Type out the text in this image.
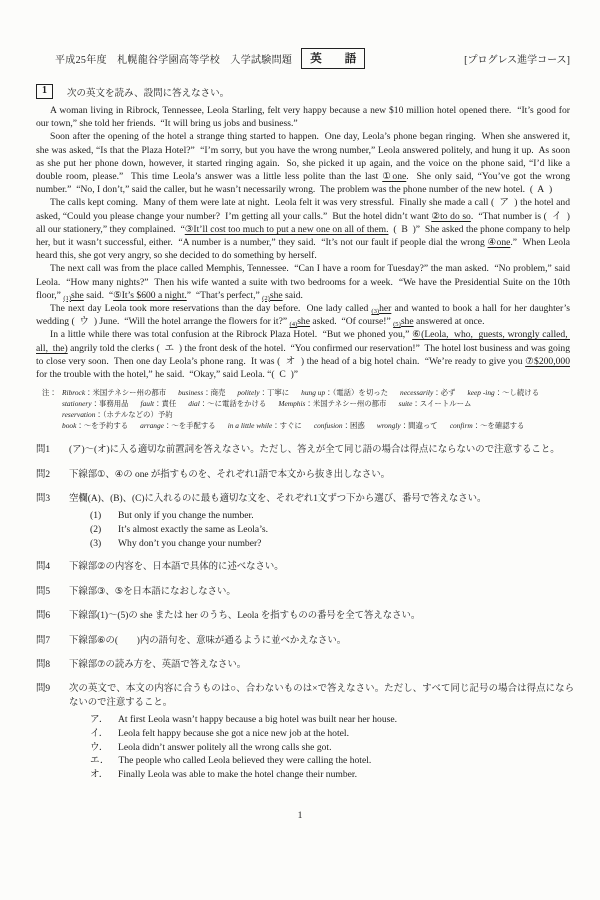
平成25年度　札幌龍谷学園高等学校　入学試験問題	英　　語	[プログレス進学コース]
1	次の英文を読み、設問に答えなさい。

A woman living in Ribrock, Tennessee, Leola Starling, felt very happy because a new $10 million hotel opened there.  “It’s good for our town,” she told her friends.  “It will bring us jobs and business.”

Soon after the opening of the hotel a strange thing started to happen.  One day, Leola’s phone began ringing.  When she answered it, she was asked, “Is that the Plaza Hotel?”  “I’m sorry, but you have the wrong number,” Leola answered politely, and hung it up.  As soon as she put her phone down, however, it started ringing again.  So, she picked it up again, and the voice on the phone said, “I’d like a double room, please.”  This time Leola’s answer was a little less polite than the last ①one.  She only said, “You’ve got the wrong number.”  “No, I don’t,” said the caller, but he wasn’t necessarily wrong.  The problem was the phone number of the new hotel.  (  A  )

The calls kept coming.  Many of them were late at night.  Leola felt it was very stressful.  Finally she made a call (  ア  ) the hotel and asked, “Could you please change your number?  I’m getting all your calls.”  But the hotel didn’t want ②to do so.  “That number is (  イ  ) all our stationery,” they complained.  “③It’ll cost too much to put a new one on all of them.  (  B  )”  She asked the phone company to help her, but it wasn’t successful, either.  “A number is a number,” they said.  “It’s not our fault if people dial the wrong ④one.”  When Leola heard this, she got very angry, so she decided to do something by herself.

The next call was from the place called Memphis, Tennessee.  “Can I have a room for Tuesday?” the man asked.  “No problem,” said Leola.  “How many nights?”  Then his wife wanted a suite with two bedrooms for a week.  “We have the Presidential Suite on the 10th floor,” $_{(1)}$she said.  “⑤It’s $600 a night.”  “That’s perfect,” $_{(2)}$she said.

The next day Leola took more reservations than the day before.  One lady called $_{(3)}$her and wanted to book a hall for her daughter’s wedding (  ウ  ) June.  “Will the hotel arrange the flowers for it?” $_{(4)}$she asked.  “Of course!” $_{(5)}$she answered at once.

In a little while there was total confusion at the Ribrock Plaza Hotel.  “But we phoned you,” ⑥(Leola,  who,  guests, wrongly called,  all,  the) angrily told the clerks (  エ  ) the front desk of the hotel.  “You confirmed our reservation!”  The hotel lost business and was going to close very soon.  Then one day Leola’s phone rang.  It was (  オ  ) the head of a big hotel chain.  “We’re ready to give you ⑦$200,000 for the trouble with the hotel,” he said.  “Okay,” said Leola. “(  C  )”

注： Ribrock：米国テネシー州の都市 business：商売 politely：丁寧に hung up：（電話）を切った necessarily：必ず keep -ing：〜し続ける
stationery：事務用品 fault：責任 dial：〜に電話をかける Memphis：米国テネシー州の都市 suite：スイートルームreservation：（ホテルなどの）予約
book：〜を予約する arrange：〜を手配する in a little while：すぐに confusion：困惑 wrongly：間違って confirm：〜を確認する
問1	(ア)〜(オ)に入る適切な前置詞を答えなさい。ただし、答えが全て同じ語の場合は得点にならないので注意すること。
問2	下線部①、④の one が指すものを、それぞれ1語で本文から抜き出しなさい。
問3	空欄(A)、(B)、(C)に入れるのに最も適切な文を、それぞれ1文ずつ下から選び、番号で答えなさい。
(1)	But only if you change the number.
(2)	It’s almost exactly the same as Leola’s.
(3)	Why don’t you change your number?
問4	下線部②の内容を、日本語で具体的に述べなさい。
問5	下線部③、⑤を日本語になおしなさい。
問6	下線部(1)〜(5)の she または her のうち、Leola を指すものの番号を全て答えなさい。
問7	下線部⑥の(　　)内の語句を、意味が通るように並べかえなさい。
問8	下線部⑦の読み方を、英語で答えなさい。
問9	次の英文で、本文の内容に合うものは○、合わないものは×で答えなさい。ただし、すべて同じ記号の場合は得点にならないので注意すること。
ア． At first Leola wasn’t happy because a big hotel was built near her house.
イ． Leola felt happy because she got a nice new job at the hotel.
ウ． Leola didn’t answer politely all the wrong calls she got.
エ． The people who called Leola believed they were calling the hotel.
オ． Finally Leola was able to make the hotel change their number.
1
